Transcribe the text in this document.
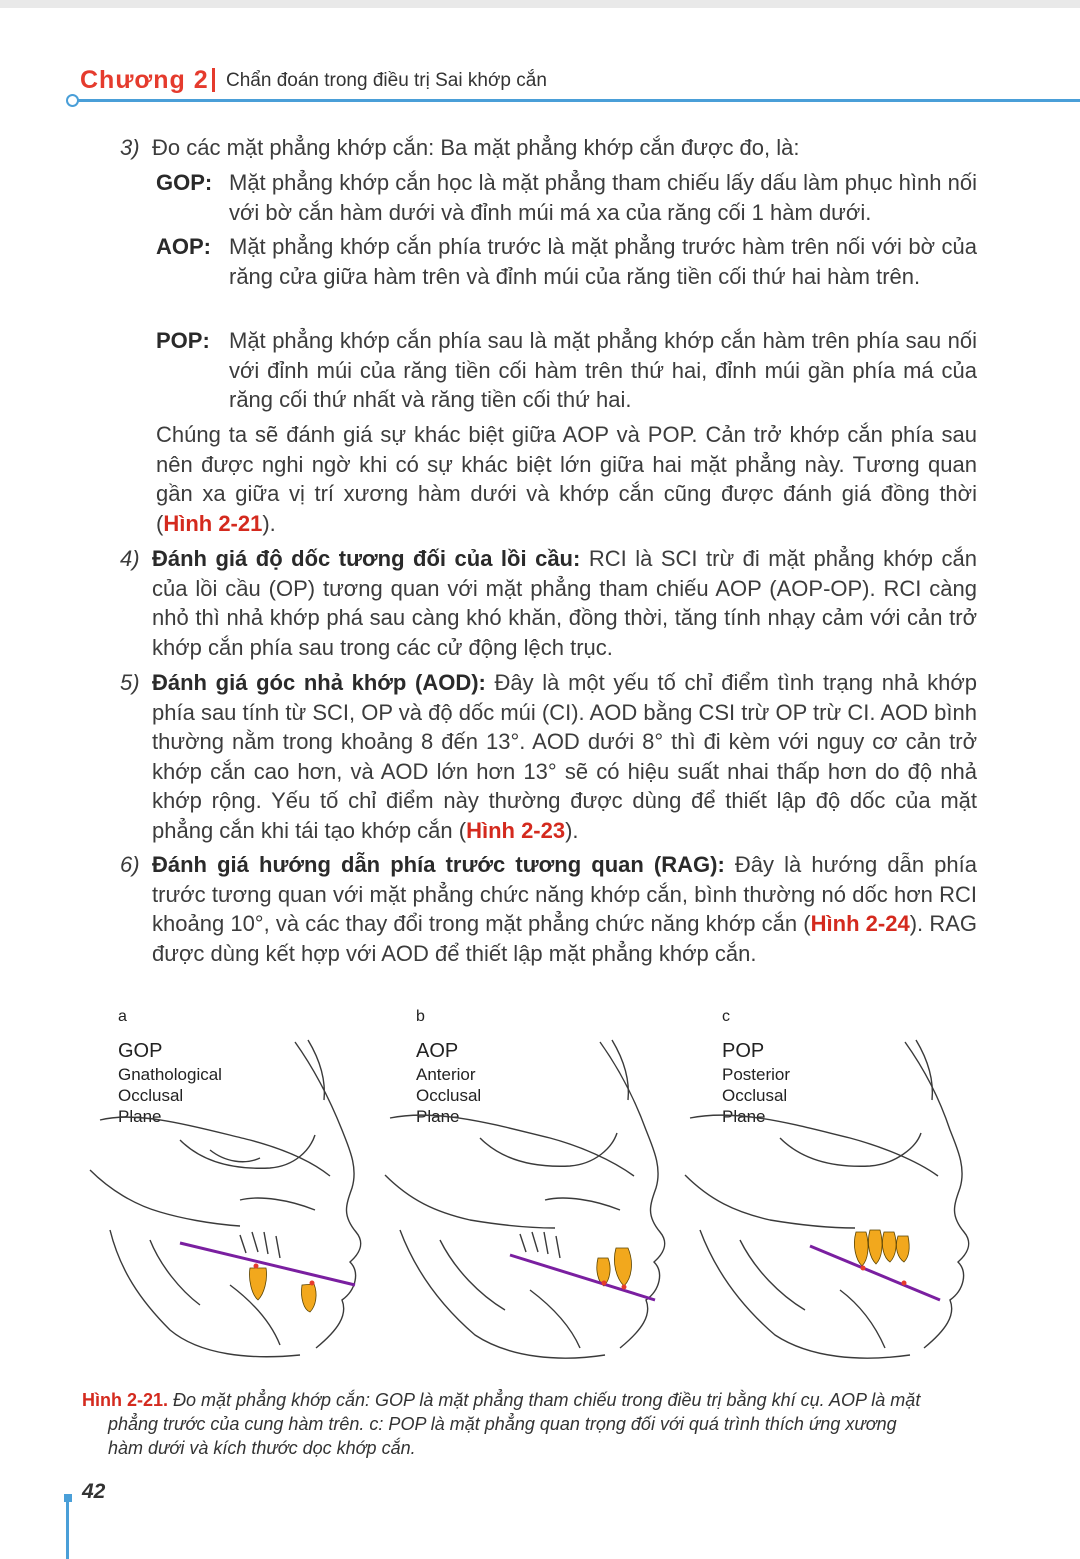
Chương 2 Chẩn đoán trong điều trị Sai khớp cắn
3) Đo các mặt phẳng khớp cắn: Ba mặt phẳng khớp cắn được đo, là:
GOP: Mặt phẳng khớp cắn học là mặt phẳng tham chiếu lấy dấu làm phục hình nối với bờ cắn hàm dưới và đỉnh múi má xa của răng cối 1 hàm dưới.
AOP: Mặt phẳng khớp cắn phía trước là mặt phẳng trước hàm trên nối với bờ của răng cửa giữa hàm trên và đỉnh múi của răng tiền cối thứ hai hàm trên.
POP: Mặt phẳng khớp cắn phía sau là mặt phẳng khớp cắn hàm trên phía sau nối với đỉnh múi của răng tiền cối hàm trên thứ hai, đỉnh múi gần phía má của răng cối thứ nhất và răng tiền cối thứ hai.
Chúng ta sẽ đánh giá sự khác biệt giữa AOP và POP. Cản trở khớp cắn phía sau nên được nghi ngờ khi có sự khác biệt lớn giữa hai mặt phẳng này. Tương quan gần xa giữa vị trí xương hàm dưới và khớp cắn cũng được đánh giá đồng thời (Hình 2-21).
4) Đánh giá độ dốc tương đối của lồi cầu: RCI là SCI trừ đi mặt phẳng khớp cắn của lồi cầu (OP) tương quan với mặt phẳng tham chiếu AOP (AOP-OP). RCI càng nhỏ thì nhả khớp phá sau càng khó khăn, đồng thời, tăng tính nhạy cảm với cản trở khớp cắn phía sau trong các cử động lệch trục.
5) Đánh giá góc nhả khớp (AOD): Đây là một yếu tố chỉ điểm tình trạng nhả khớp phía sau tính từ SCI, OP và độ dốc múi (CI). AOD bằng CSI trừ OP trừ CI. AOD bình thường nằm trong khoảng 8 đến 13°. AOD dưới 8° thì đi kèm với nguy cơ cản trở khớp cắn cao hơn, và AOD lớn hơn 13° sẽ có hiệu suất nhai thấp hơn do độ nhả khớp rộng. Yếu tố chỉ điểm này thường được dùng để thiết lập độ dốc của mặt phẳng cắn khi tái tạo khớp cắn (Hình 2-23).
6) Đánh giá hướng dẫn phía trước tương quan (RAG): Đây là hướng dẫn phía trước tương quan với mặt phẳng chức năng khớp cắn, bình thường nó dốc hơn RCI khoảng 10°, và các thay đổi trong mặt phẳng chức năng khớp cắn (Hình 2-24). RAG được dùng kết hợp với AOD để thiết lập mặt phẳng khớp cắn.
a
GOP
Gnathological
Occlusal
Plane
b
AOP
Anterior
Occlusal
Plane
c
POP
Posterior
Occlusal
Plane
Hình 2-21. Đo mặt phẳng khớp cắn: GOP là mặt phẳng tham chiếu trong điều trị bằng khí cụ. AOP là mặt
phẳng trước của cung hàm trên. c: POP là mặt phẳng quan trọng đối với quá trình thích ứng xương
hàm dưới và kích thước dọc khớp cắn.
42
